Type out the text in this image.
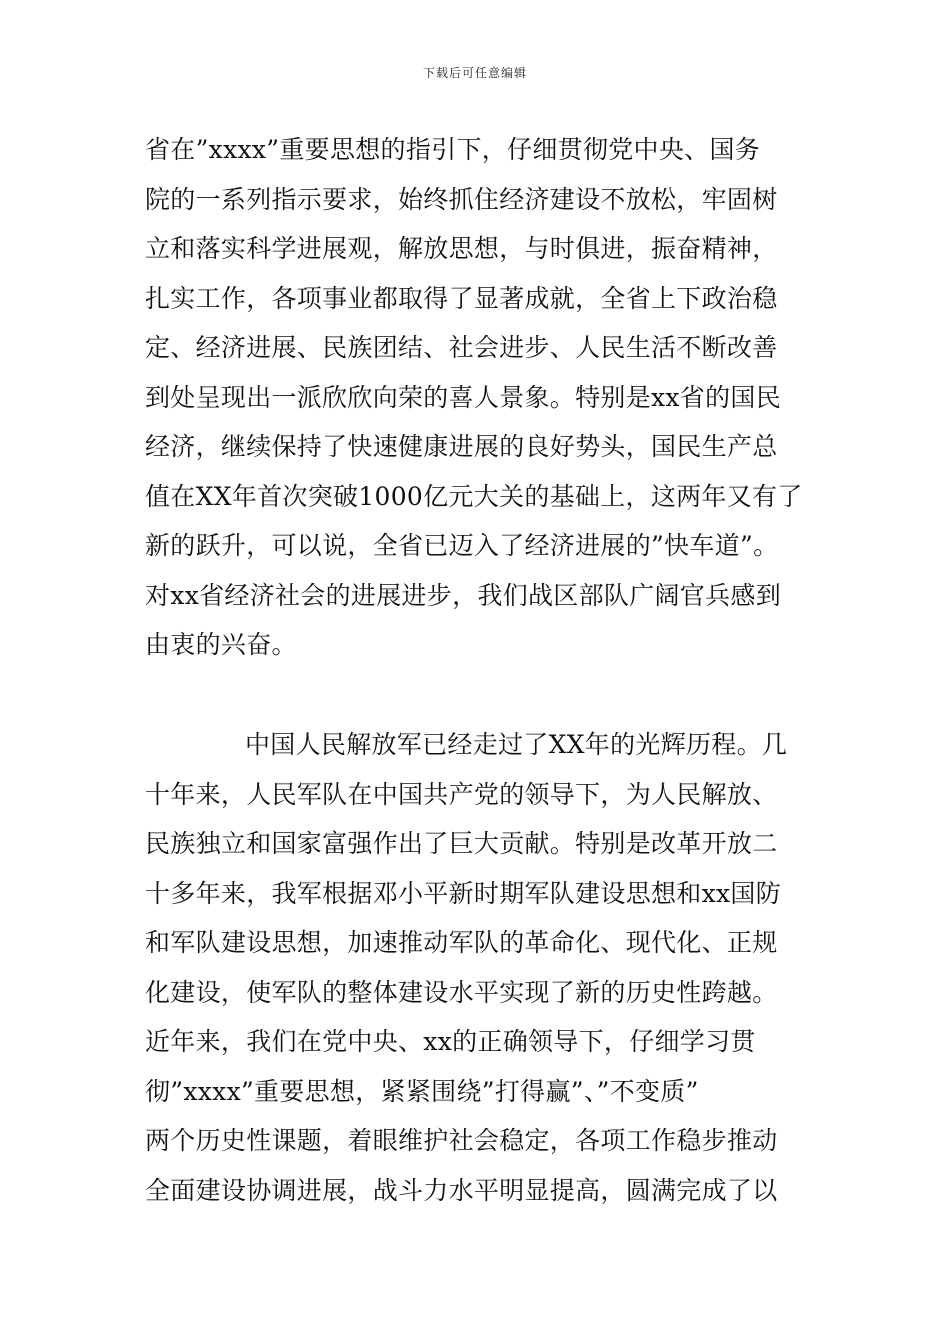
下载后可任意编辑
省在”xxxx”重要思想的指引下，仔细贯彻党中央、国务
院的一系列指示要求，始终抓住经济建设不放松，牢固树
立和落实科学进展观，解放思想，与时俱进，振奋精神，
扎实工作，各项事业都取得了显著成就，全省上下政治稳
定、经济进展、民族团结、社会进步、人民生活不断改善
到处呈现出一派欣欣向荣的喜人景象。特别是xx省的国民
经济，继续保持了快速健康进展的良好势头，国民生产总
值在XX年首次突破1000亿元大关的基础上，这两年又有了
新的跃升，可以说，全省已迈入了经济进展的”快车道”。
对xx省经济社会的进展进步，我们战区部队广阔官兵感到
由衷的兴奋。
中国人民解放军已经走过了XX年的光辉历程。几
十年来，人民军队在中国共产党的领导下，为人民解放、
民族独立和国家富强作出了巨大贡献。特别是改革开放二
十多年来，我军根据邓小平新时期军队建设思想和xx国防
和军队建设思想，加速推动军队的革命化、现代化、正规
化建设，使军队的整体建设水平实现了新的历史性跨越。
近年来，我们在党中央、xx的正确领导下，仔细学习贯
彻”xxxx”重要思想，紧紧围绕”打得赢”、”不变质”
两个历史性课题，着眼维护社会稳定，各项工作稳步推动
全面建设协调进展，战斗力水平明显提高，圆满完成了以
